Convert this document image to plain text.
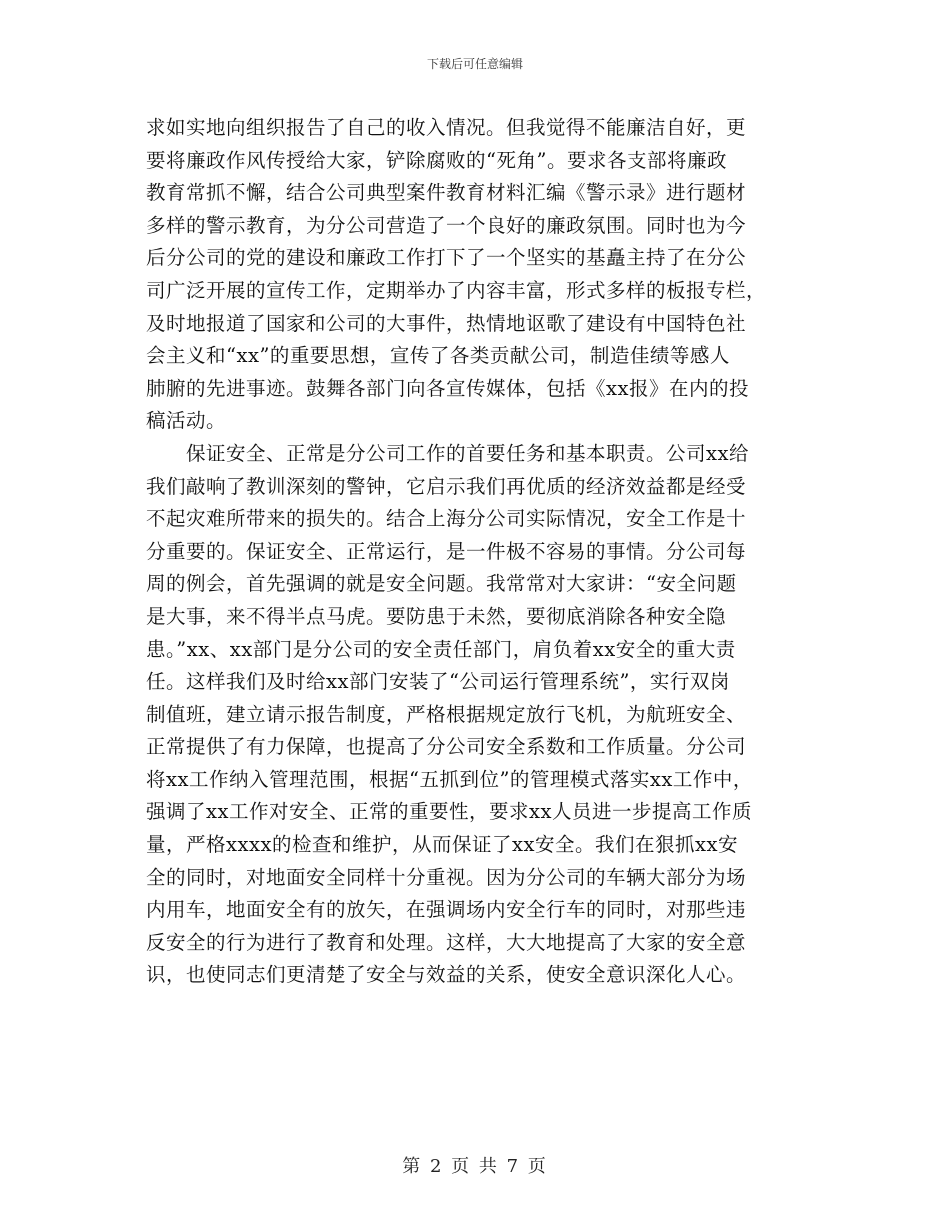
下载后可任意编辑
求如实地向组织报告了自己的收入情况。但我觉得不能廉洁自好，更
要将廉政作风传授给大家，铲除腐败的“死角”。要求各支部将廉政
教育常抓不懈，结合公司典型案件教育材料汇编《警示录》进行题材
多样的警示教育，为分公司营造了一个良好的廉政氛围。同时也为今
后分公司的党的建设和廉政工作打下了一个坚实的基矗主持了在分公
司广泛开展的宣传工作，定期举办了内容丰富，形式多样的板报专栏，
及时地报道了国家和公司的大事件，热情地讴歌了建设有中国特色社
会主义和“xx”的重要思想，宣传了各类贡献公司，制造佳绩等感人
肺腑的先进事迹。鼓舞各部门向各宣传媒体，包括《xx报》在内的投
稿活动。
保证安全、正常是分公司工作的首要任务和基本职责。公司xx给
我们敲响了教训深刻的警钟，它启示我们再优质的经济效益都是经受
不起灾难所带来的损失的。结合上海分公司实际情况，安全工作是十
分重要的。保证安全、正常运行，是一件极不容易的事情。分公司每
周的例会，首先强调的就是安全问题。我常常对大家讲：“安全问题
是大事，来不得半点马虎。要防患于未然，要彻底消除各种安全隐
患。”xx、xx部门是分公司的安全责任部门，肩负着xx安全的重大责
任。这样我们及时给xx部门安装了“公司运行管理系统”，实行双岗
制值班，建立请示报告制度，严格根据规定放行飞机，为航班安全、
正常提供了有力保障，也提高了分公司安全系数和工作质量。分公司
将xx工作纳入管理范围，根据“五抓到位”的管理模式落实xx工作中，
强调了xx工作对安全、正常的重要性，要求xx人员进一步提高工作质
量，严格xxxx的检查和维护，从而保证了xx安全。我们在狠抓xx安
全的同时，对地面安全同样十分重视。因为分公司的车辆大部分为场
内用车，地面安全有的放矢，在强调场内安全行车的同时，对那些违
反安全的行为进行了教育和处理。这样，大大地提高了大家的安全意
识，也使同志们更清楚了安全与效益的关系，使安全意识深化人心。
第 2 页 共 7 页
